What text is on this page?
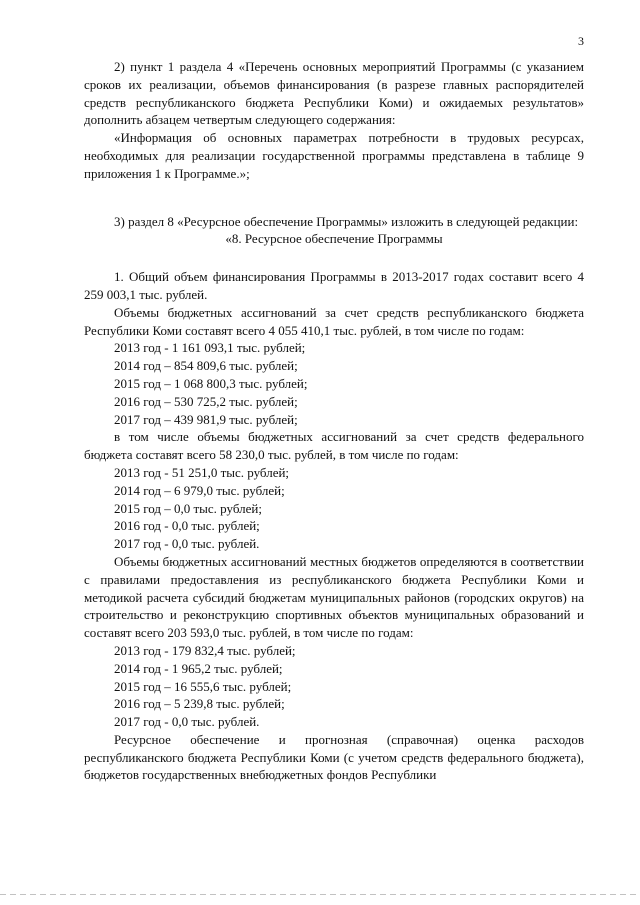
3

2) пункт 1 раздела 4 «Перечень основных мероприятий Программы (с указанием сроков их реализации, объемов финансирования (в разрезе главных распорядителей средств республиканского бюджета Республики Коми) и ожидаемых результатов» дополнить абзацем четвертым следующего содержания:

«Информация об основных параметрах потребности в трудовых ресурсах, необходимых для реализации государственной программы представлена в таблице 9 приложения 1 к Программе.»;

3) раздел 8 «Ресурсное обеспечение Программы» изложить в следующей редакции:

«8. Ресурсное обеспечение Программы

1. Общий объем финансирования Программы в 2013-2017 годах составит всего 4 259 003,1 тыс. рублей.

Объемы бюджетных ассигнований за счет средств республиканского бюджета Республики Коми составят всего 4 055 410,1 тыс. рублей, в том числе по годам:

2013 год - 1 161 093,1 тыс. рублей;
2014 год – 854 809,6 тыс. рублей;
2015 год – 1 068 800,3 тыс. рублей;
2016 год – 530 725,2 тыс. рублей;
2017 год – 439 981,9 тыс. рублей;

в том числе объемы бюджетных ассигнований за счет средств федерального бюджета составят всего 58 230,0 тыс. рублей, в том числе по годам:

2013 год - 51 251,0 тыс. рублей;
2014 год – 6 979,0 тыс. рублей;
2015 год – 0,0 тыс. рублей;
2016 год - 0,0 тыс. рублей;
2017 год - 0,0 тыс. рублей.

Объемы бюджетных ассигнований местных бюджетов определяются в соответствии с правилами предоставления из республиканского бюджета Республики Коми и методикой расчета субсидий бюджетам муниципальных районов (городских округов) на строительство и реконструкцию спортивных объектов муниципальных образований и составят всего 203 593,0 тыс. рублей, в том числе по годам:

2013 год - 179 832,4 тыс. рублей;
2014 год - 1 965,2 тыс. рублей;
2015 год – 16 555,6 тыс. рублей;
2016 год – 5 239,8 тыс. рублей;
2017 год - 0,0 тыс. рублей.

Ресурсное обеспечение и прогнозная (справочная) оценка расходов республиканского бюджета Республики Коми (с учетом средств федерального бюджета), бюджетов государственных внебюджетных фондов Республики
